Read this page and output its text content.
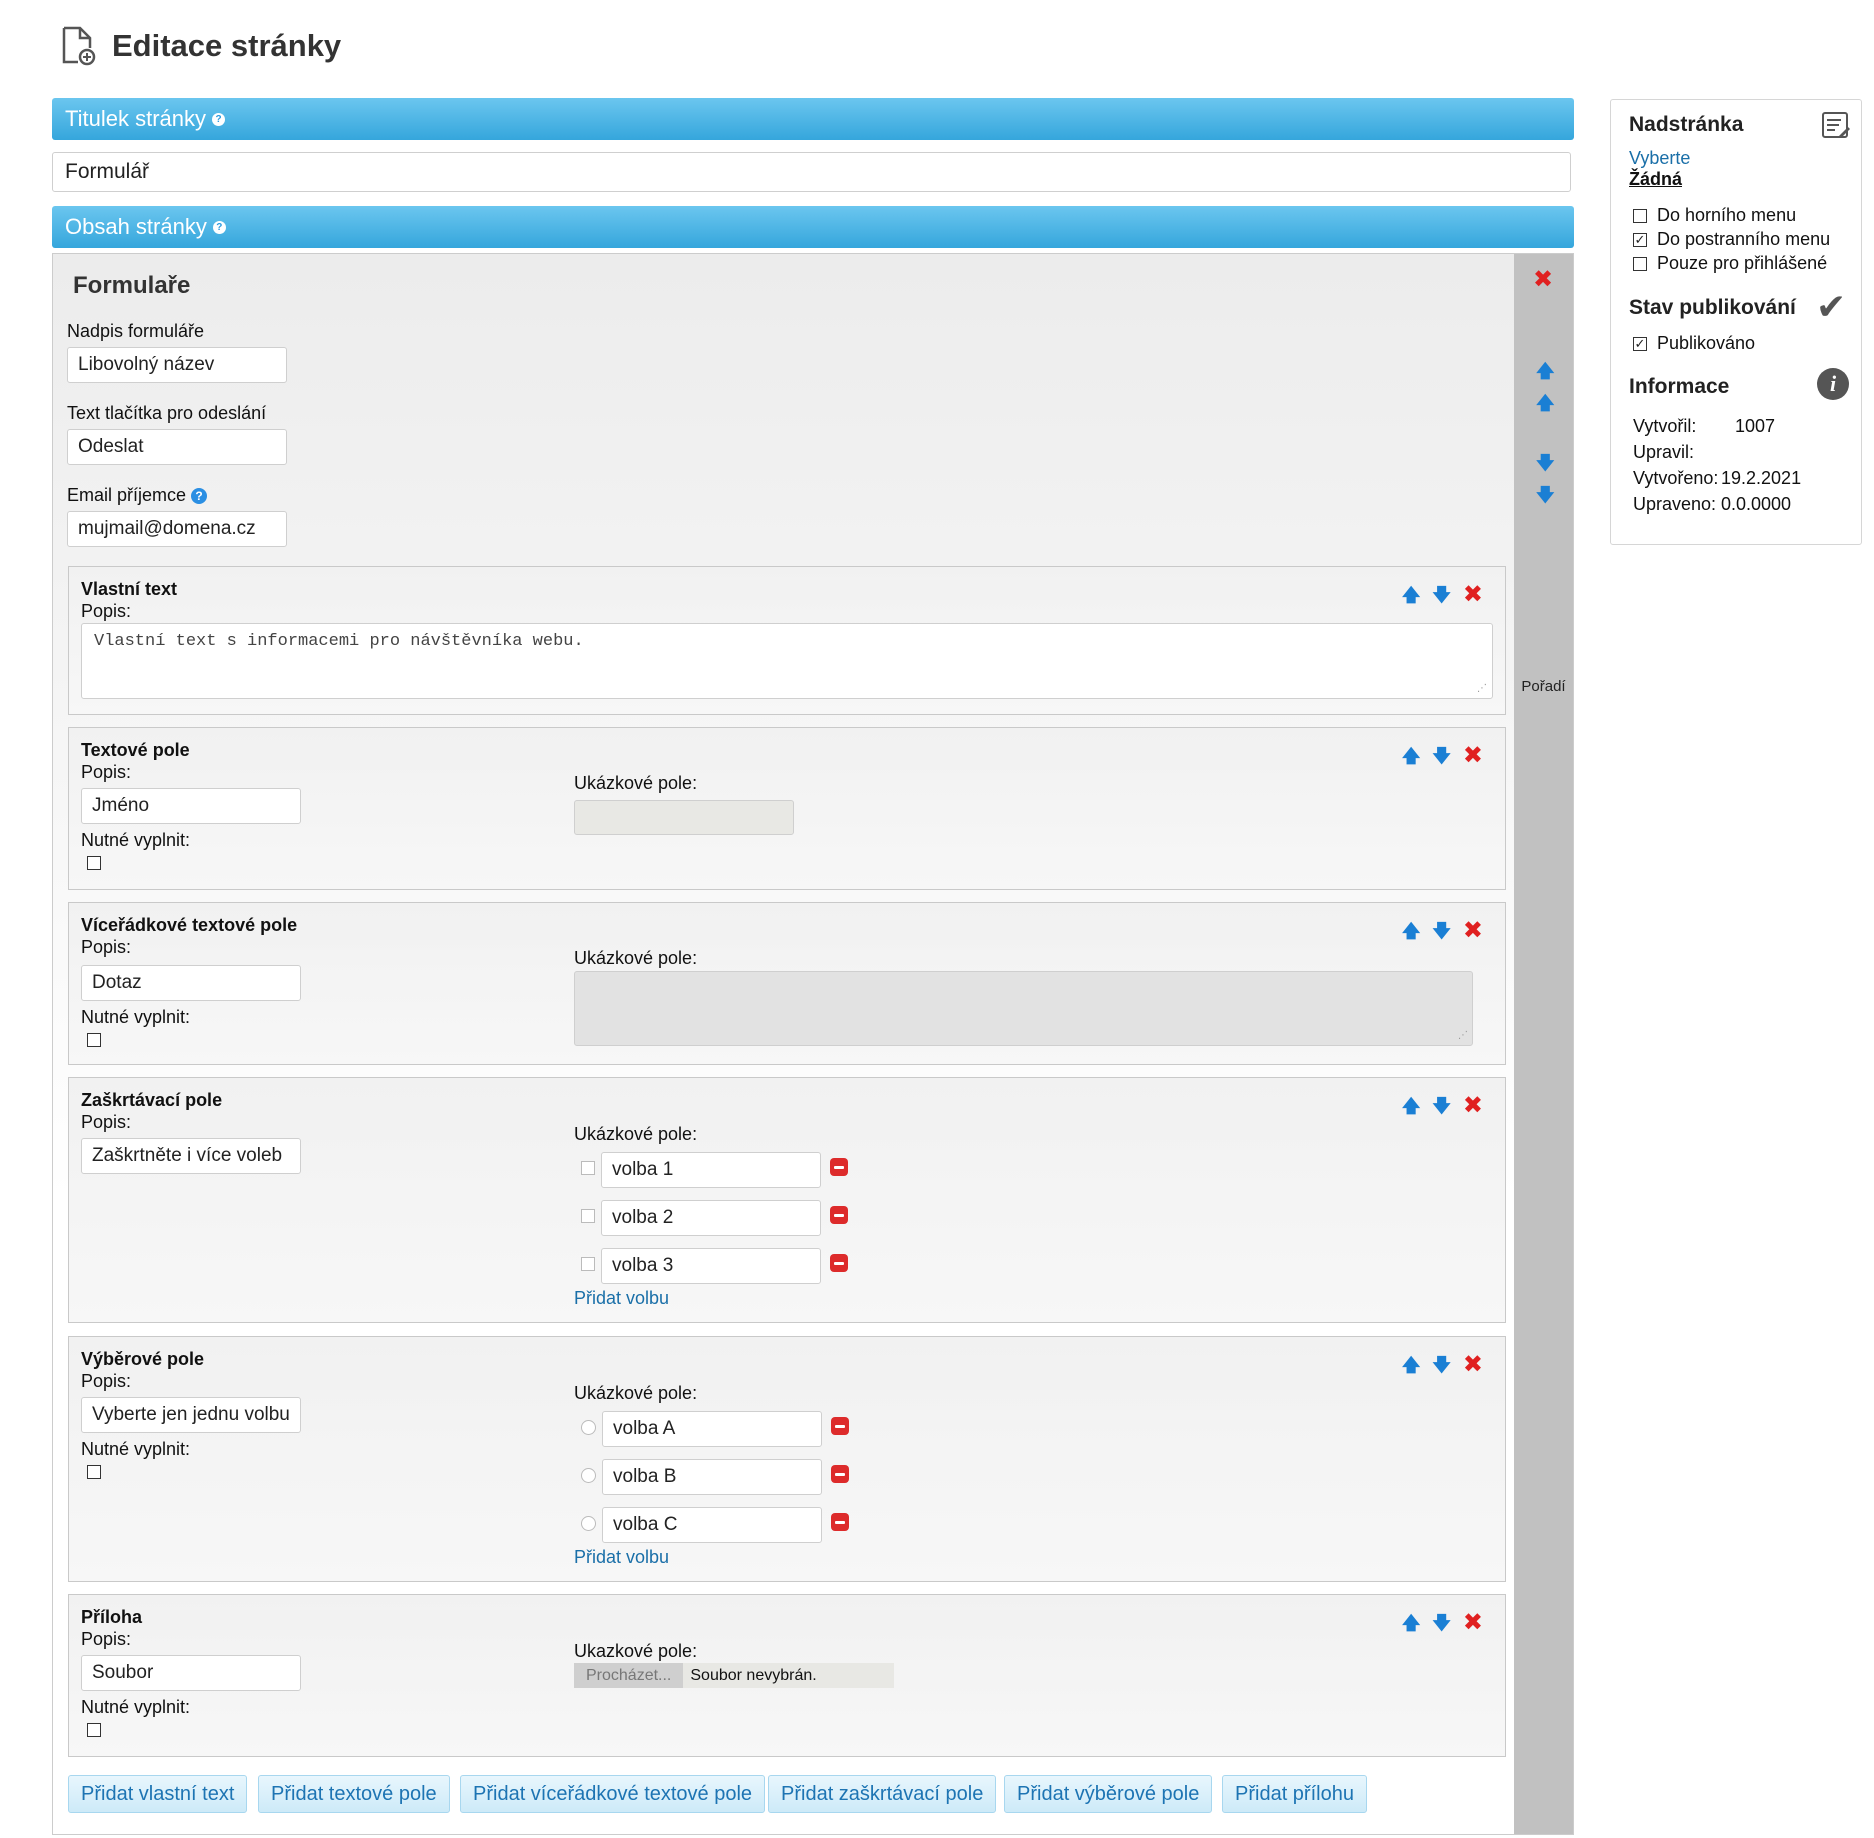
Editace stránky
Titulek stránky ?
Formulář
Obsah stránky ?
✖
🡅
🡅
Pořadí
🡇
🡇
Formulaře
Nadpis formuláře
Libovolný název
Text tlačítka pro odeslání
Odeslat
Email příjemce ?
mujmail@domena.cz
Vlastní text
Popis:
🡅 🡇 ✖
Vlastní text s informacemi pro návštěvníka webu.
⋰
Textové pole
Popis:
🡅 🡇 ✖
Jméno
Nutné vyplnit:
Ukázkové pole:
Víceřádkové textové pole
Popis:
🡅 🡇 ✖
Dotaz
Nutné vyplnit:
Ukázkové pole:
⋰
Zaškrtávací pole
Popis:
🡅 🡇 ✖
Zaškrtněte i více voleb
Ukázkové pole:
volba 1
volba 2
volba 3
Přidat volbu
Výběrové pole
Popis:
🡅 🡇 ✖
Vyberte jen jednu volbu
Nutné vyplnit:
Ukázkové pole:
volba A
volba B
volba C
Přidat volbu
Příloha
Popis:
🡅 🡇 ✖
Soubor
Nutné vyplnit:
Ukazkové pole:
Procházet...	Soubor nevybrán.
Přidat vlastní text	Přidat textové pole	Přidat víceřádkové textové pole	Přidat zaškrtávací pole	Přidat výběrové pole	Přidat přílohu
Nadstránka
Vyberte
Žádná
Do horního menu
✓ Do postranního menu
Pouze pro přihlášené
Stav publikování ✔
✓ Publikováno
Informace	i
Vytvořil:	1007
Upravil:
Vytvořeno: 19.2.2021
Upraveno: 0.0.0000
